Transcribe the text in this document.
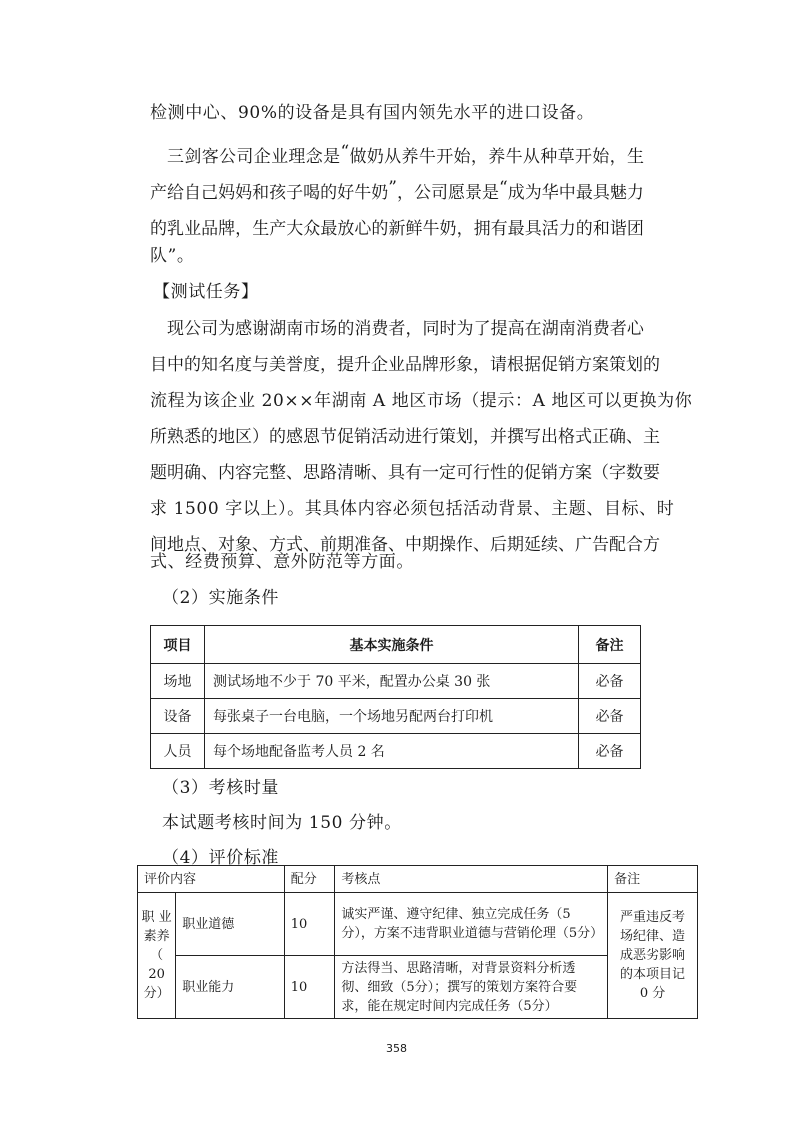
检测中心、90%的设备是具有国内领先水平的进口设备。
三 剑 客 公 司 企 业 理 念 是 “ 做 奶 从 养 牛 开 始 ， 养 牛 从 种 草 开 始 ， 生
产 给 自 己 妈 妈 和 孩 子 喝 的 好 牛 奶 ” ， 公 司 愿 景 是 “ 成 为 华 中 最 具 魅 力
的 乳 业 品 牌 ， 生 产 大 众 最 放 心 的 新 鲜 牛 奶 ， 拥 有 最 具 活 力 的 和 谐 团
队”。
【测试任务】
现 公 司 为 感 谢 湖 南 市 场 的 消 费 者 ， 同 时 为 了 提 高 在 湖 南 消 费 者 心
目 中 的 知 名 度 与 美 誉 度 ， 提 升 企 业 品 牌 形 象 ， 请 根 据 促 销 方 案 策 划 的
流程为该企业 20××年湖南 A 地区市场（提示：A 地区可以更换为你
所 熟 悉 的 地 区 ） 的 感 恩 节 促 销 活 动 进 行 策 划 ， 并 撰 写 出 格 式 正 确 、 主
题 明 确 、 内 容 完 整 、 思 路 清 晰 、 具 有 一 定 可 行 性 的 促 销 方 案 （ 字 数 要
求 1500 字以上）。其具体内容必须包括活动背景、主题、目标、时
间 地 点 、 对 象 、 方 式 、 前 期 准 备 、 中 期 操 作 、 后 期 延 续 、 广 告 配 合 方
式、经费预算、意外防范等方面。
（2）实施条件
项目	基本实施条件	备注
场地	测试场地不少于 70 平米，配置办公桌 30 张	必备
设备	每张桌子一台电脑，一个场地另配两台打印机	必备
人员	每个场地配备监考人员 2 名	必备
（3）考核时量
本试题考核时间为 150 分钟。
（4）评价标准
评价内容		配分	考核点	备注

职 业
素养
（ 20
分）	职业道德	10	诚实严谨、遵守纪律、独立完成任务（5分），方案不违背职业道德与营销伦理（5分）	严重违反考场纪律、造成恶劣影响的本项目记 0 分
	职业能力	10	方法得当、思路清晰，对背景资料分析透彻、细致（5分）；撰写的策划方案符合要求，能在规定时间内完成任务（5分）	
358
